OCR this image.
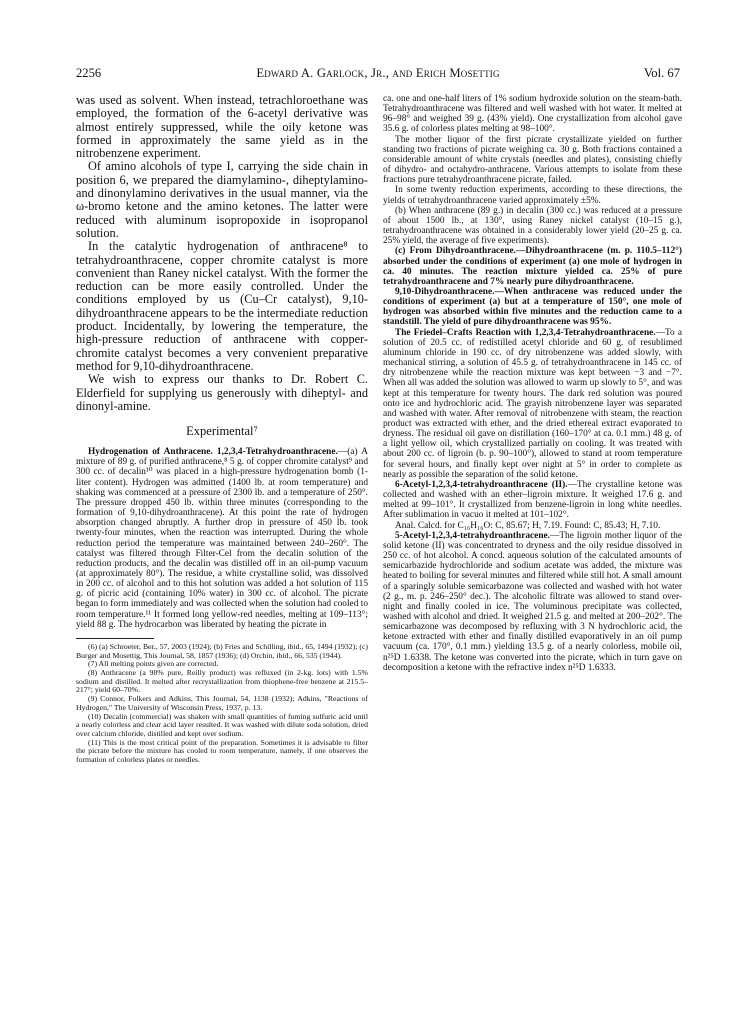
2256	Edward A. Garlock, Jr., and Erich Mosettig	Vol. 67

was used as solvent. When instead, tetrachloroethane was employed, the formation of the 6-acetyl derivative was almost entirely suppressed, while the oily ketone was formed in approximately the same yield as in the nitrobenzene experiment.

Of amino alcohols of type I, carrying the side chain in position 6, we prepared the diamylamino-, diheptylamino- and dinonylamino derivatives in the usual manner, via the ω-bromo ketone and the amino ketones. The latter were reduced with aluminum isopropoxide in isopropanol solution.

In the catalytic hydrogenation of anthracene⁸ to tetrahydroanthracene, copper chromite catalyst is more convenient than Raney nickel catalyst. With the former the reduction can be more easily controlled. Under the conditions employed by us (Cu–Cr catalyst), 9,10-dihydroanthracene appears to be the intermediate reduction product. Incidentally, by lowering the temperature, the high-pressure reduction of anthracene with copper-chromite catalyst becomes a very convenient preparative method for 9,10-dihydroanthracene.

We wish to express our thanks to Dr. Robert C. Elderfield for supplying us generously with diheptyl- and dinonyl-amine.

Experimental⁷

Hydrogenation of Anthracene. 1,2,3,4-Tetrahydroanthracene.—(a) A mixture of 89 g. of purified anthracene,⁸ 5 g. of copper chromite catalyst⁹ and 300 cc. of decalin¹⁰ was placed in a high-pressure hydrogenation bomb (1-liter content). Hydrogen was admitted (1400 lb. at room temperature) and shaking was commenced at a pressure of 2300 lb. and a temperature of 250°. The pressure dropped 450 lb. within three minutes (corresponding to the formation of 9,10-dihydroanthracene). At this point the rate of hydrogen absorption changed abruptly. A further drop in pressure of 450 lb. took twenty-four minutes, when the reaction was interrupted. During the whole reduction period the temperature was maintained between 240–260°. The catalyst was filtered through Filter-Cel from the decalin solution of the reduction products, and the decalin was distilled off in an oil-pump vacuum (at approximately 80°). The residue, a white crystalline solid, was dissolved in 200 cc. of alcohol and to this hot solution was added a hot solution of 115 g. of picric acid (containing 10% water) in 300 cc. of alcohol. The picrate began to form immediately and was collected when the solution had cooled to room temperature.¹¹ It formed long yellow-red needles, melting at 109–113°; yield 88 g. The hydrocarbon was liberated by heating the picrate in

(6) (a) Schroeter, Ber., 57, 2003 (1924); (b) Fries and Schilling, ibid., 65, 1494 (1932); (c) Burger and Mosettig, This Journal, 58, 1857 (1936); (d) Orchin, ibid., 66, 535 (1944).

(7) All melting points given are corrected.

(8) Anthracene (a 98% pure, Reilly product) was refluxed (in 2-kg. lots) with 1.5% sodium and distilled. It melted after recrystallization from thiophene-free benzene at 215.5–217°; yield 60–70%.

(9) Connor, Folkers and Adkins, This Journal, 54, 1138 (1932); Adkins, "Reactions of Hydrogen," The University of Wisconsin Press, 1937, p. 13.

(10) Decalin (commercial) was shaken with small quantities of fuming sulfuric acid until a nearly colorless and clear acid layer resulted. It was washed with dilute soda solution, dried over calcium chloride, distilled and kept over sodium.

(11) This is the most critical point of the preparation. Sometimes it is advisable to filter the picrate before the mixture has cooled to room temperature, namely, if one observes the formation of colorless plates or needles.

ca. one and one-half liters of 1% sodium hydroxide solution on the steam-bath. Tetrahydroanthracene was filtered and well washed with hot water. It melted at 96–98° and weighed 39 g. (43% yield). One crystallization from alcohol gave 35.6 g. of colorless plates melting at 98–100°.

The mother liquor of the first picrate crystallizate yielded on further standing two fractions of picrate weighing ca. 30 g. Both fractions contained a considerable amount of white crystals (needles and plates), consisting chiefly of dihydro- and octahydro-anthracene. Various attempts to isolate from these fractions pure tetrahydroanthracene picrate, failed.

In some twenty reduction experiments, according to these directions, the yields of tetrahydroanthracene varied approximately ±5%.

(b) When anthracene (89 g.) in decalin (300 cc.) was reduced at a pressure of about 1500 lb., at 130°, using Raney nickel catalyst (10–15 g.), tetrahydroanthracene was obtained in a considerably lower yield (20–25 g. ca. 25% yield, the average of five experiments).

(c) From Dihydroanthracene.—Dihydroanthracene (m. p. 110.5–112°) absorbed under the conditions of experiment (a) one mole of hydrogen in ca. 40 minutes. The reaction mixture yielded ca. 25% of pure tetrahydroanthracene and 7% nearly pure dihydroanthracene.

9,10-Dihydroanthracene.—When anthracene was reduced under the conditions of experiment (a) but at a temperature of 150°, one mole of hydrogen was absorbed within five minutes and the reduction came to a standstill. The yield of pure dihydroanthracene was 95%.

The Friedel–Crafts Reaction with 1,2,3,4-Tetrahydroanthracene.—To a solution of 20.5 cc. of redistilled acetyl chloride and 60 g. of resublimed aluminum chloride in 190 cc. of dry nitrobenzene was added slowly, with mechanical stirring, a solution of 45.5 g. of tetrahydroanthracene in 145 cc. of dry nitrobenzene while the reaction mixture was kept between −3 and −7°. When all was added the solution was allowed to warm up slowly to 5°, and was kept at this temperature for twenty hours. The dark red solution was poured onto ice and hydrochloric acid. The grayish nitrobenzene layer was separated and washed with water. After removal of nitrobenzene with steam, the reaction product was extracted with ether, and the dried ethereal extract evaporated to dryness. The residual oil gave on distillation (160–170° at ca. 0.1 mm.) 48 g. of a light yellow oil, which crystallized partially on cooling. It was treated with about 200 cc. of ligroin (b. p. 90–100°), allowed to stand at room temperature for several hours, and finally kept over night at 5° in order to complete as nearly as possible the separation of the solid ketone.

6-Acetyl-1,2,3,4-tetrahydroanthracene (II).—The crystalline ketone was collected and washed with an ether–ligroin mixture. It weighed 17.6 g. and melted at 99–101°. It crystallized from benzene-ligroin in long white needles. After sublimation in vacuo it melted at 101–102°.

Anal. Calcd. for C₁₆H₁₆O: C, 85.67; H, 7.19. Found: C, 85.43; H, 7.10.

5-Acetyl-1,2,3,4-tetrahydroanthracene.—The ligroin mother liquor of the solid ketone (II) was concentrated to dryness and the oily residue dissolved in 250 cc. of hot alcohol. A concd. aqueous solution of the calculated amounts of semicarbazide hydrochloride and sodium acetate was added, the mixture was heated to boiling for several minutes and filtered while still hot. A small amount of a sparingly soluble semicarbazone was collected and washed with hot water (2 g., m. p. 246–250° dec.). The alcoholic filtrate was allowed to stand over-night and finally cooled in ice. The voluminous precipitate was collected, washed with alcohol and dried. It weighed 21.5 g. and melted at 200–202°. The semicarbazone was decomposed by refluxing with 3 N hydrochloric acid, the ketone extracted with ether and finally distilled evaporatively in an oil pump vacuum (ca. 170°, 0.1 mm.) yielding 13.5 g. of a nearly colorless, mobile oil, n²⁵D 1.6338. The ketone was converted into the picrate, which in turn gave on decomposition a ketone with the refractive index n²⁵D 1.6333.
